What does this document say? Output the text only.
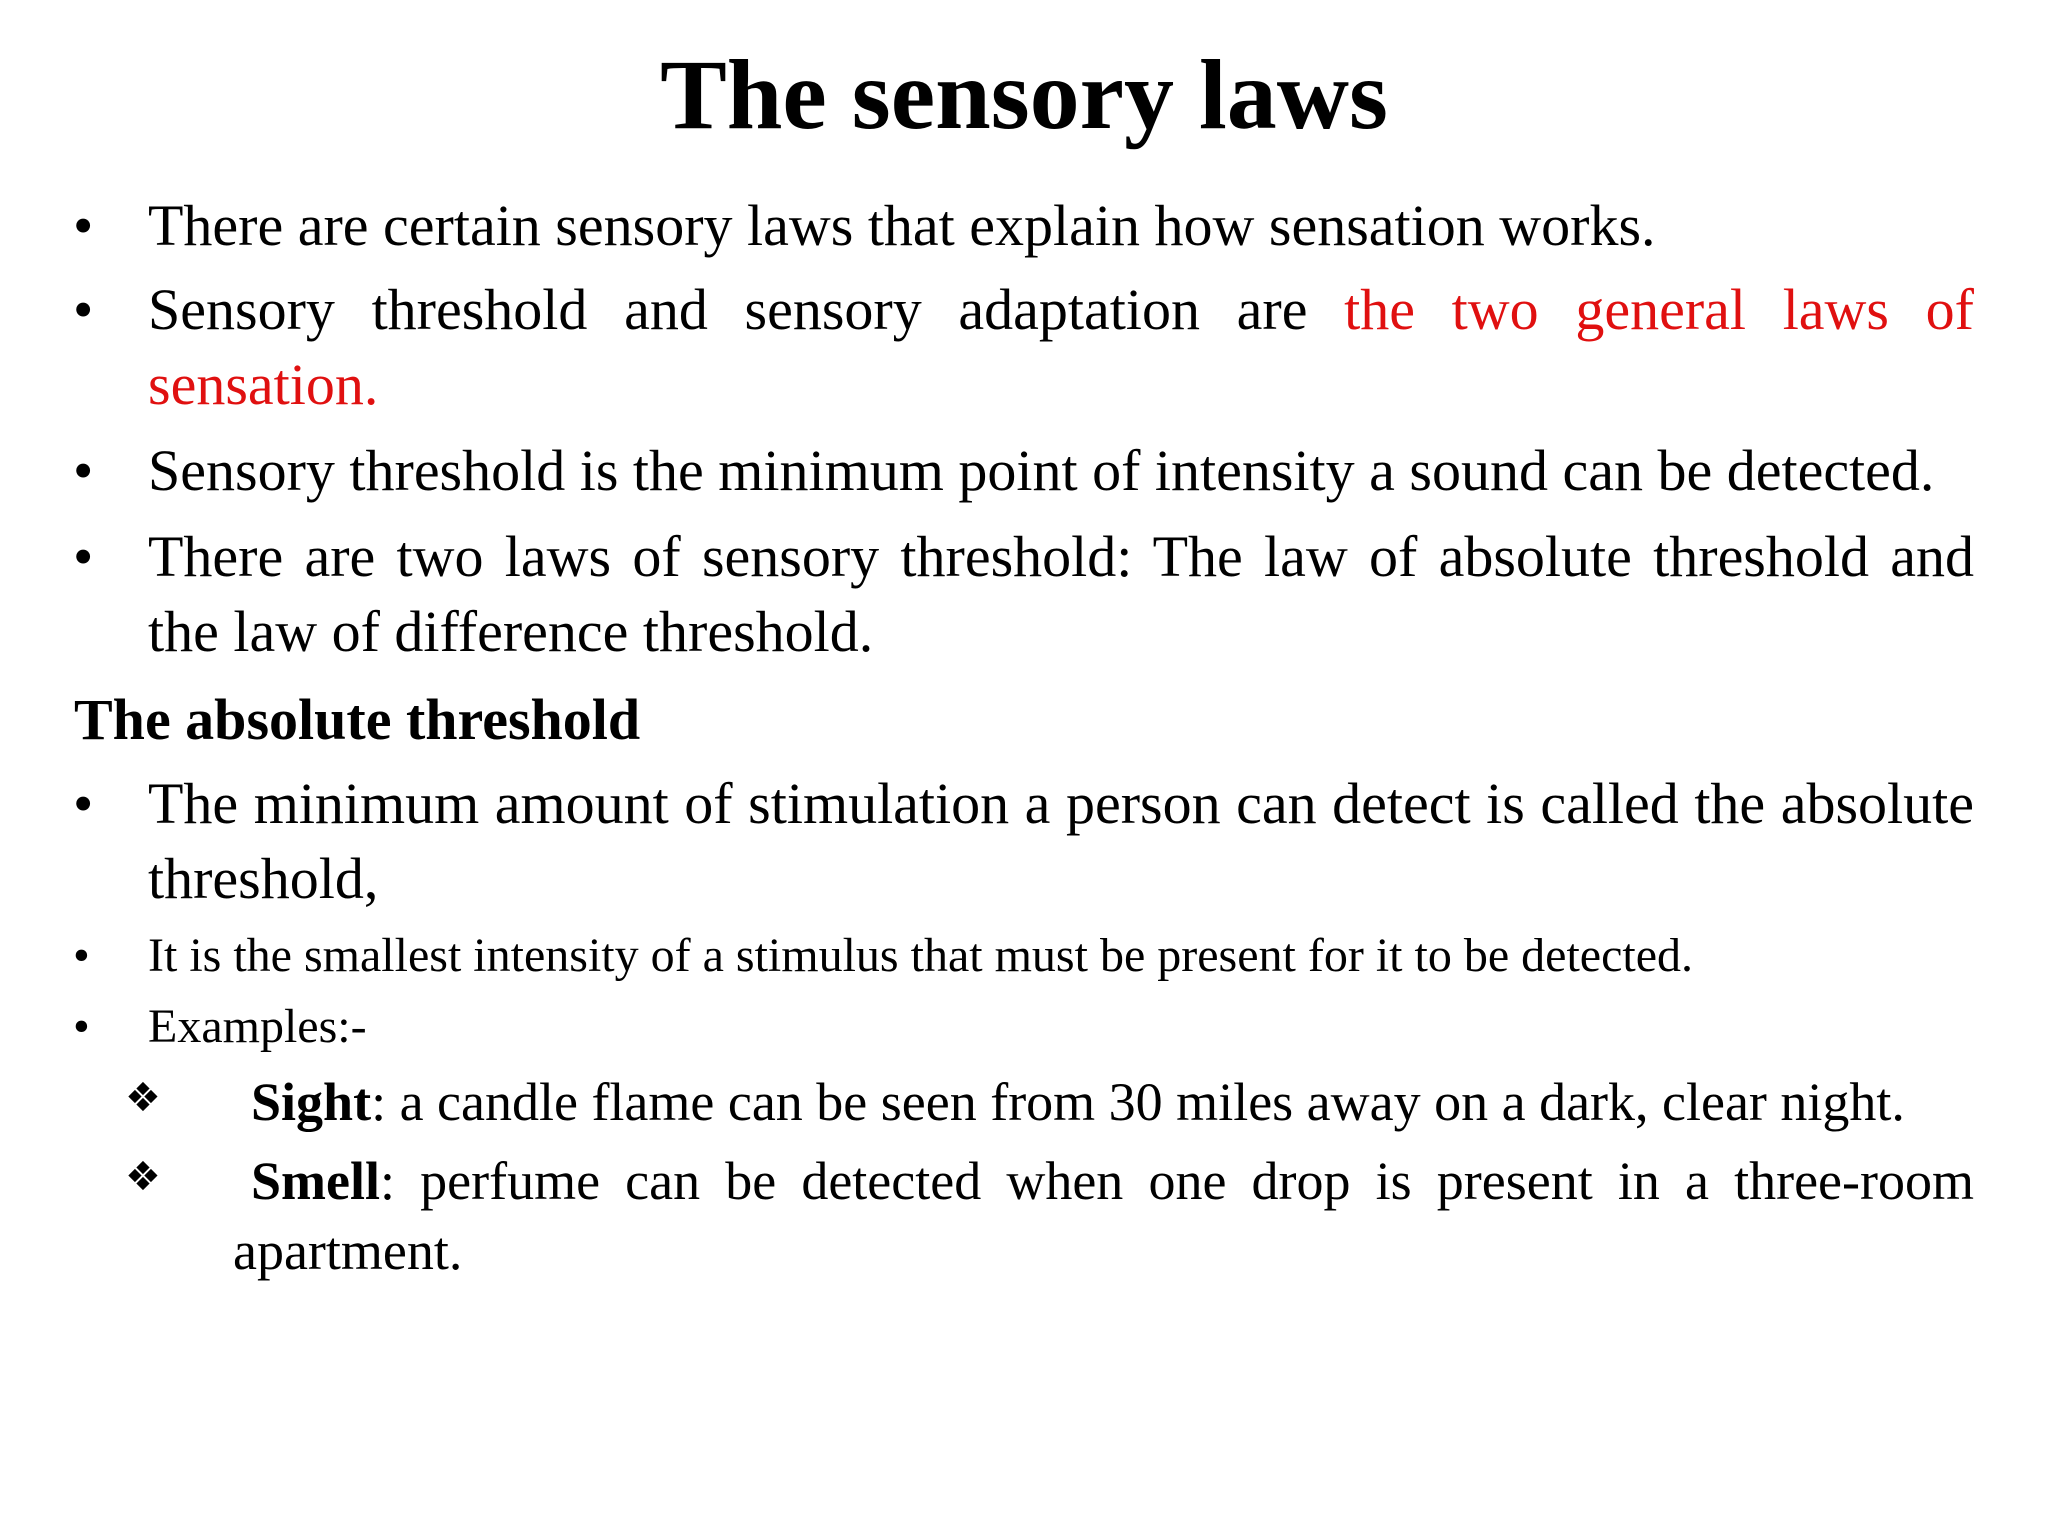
The sensory laws
• There are certain sensory laws that explain how sensation works.
• Sensory threshold and sensory adaptation are the two general laws of sensation.
• Sensory threshold is the minimum point of intensity a sound can be detected.
• There are two laws of sensory threshold: The law of absolute threshold and the law of difference threshold.
The absolute threshold
• The minimum amount of stimulation a person can detect is called the absolute threshold,
• It is the smallest intensity of a stimulus that must be present for it to be detected.
• Examples:-
❖ Sight: a candle flame can be seen from 30 miles away on a dark, clear night.
❖ Smell: perfume can be detected when one drop is present in a three-room apartment.
